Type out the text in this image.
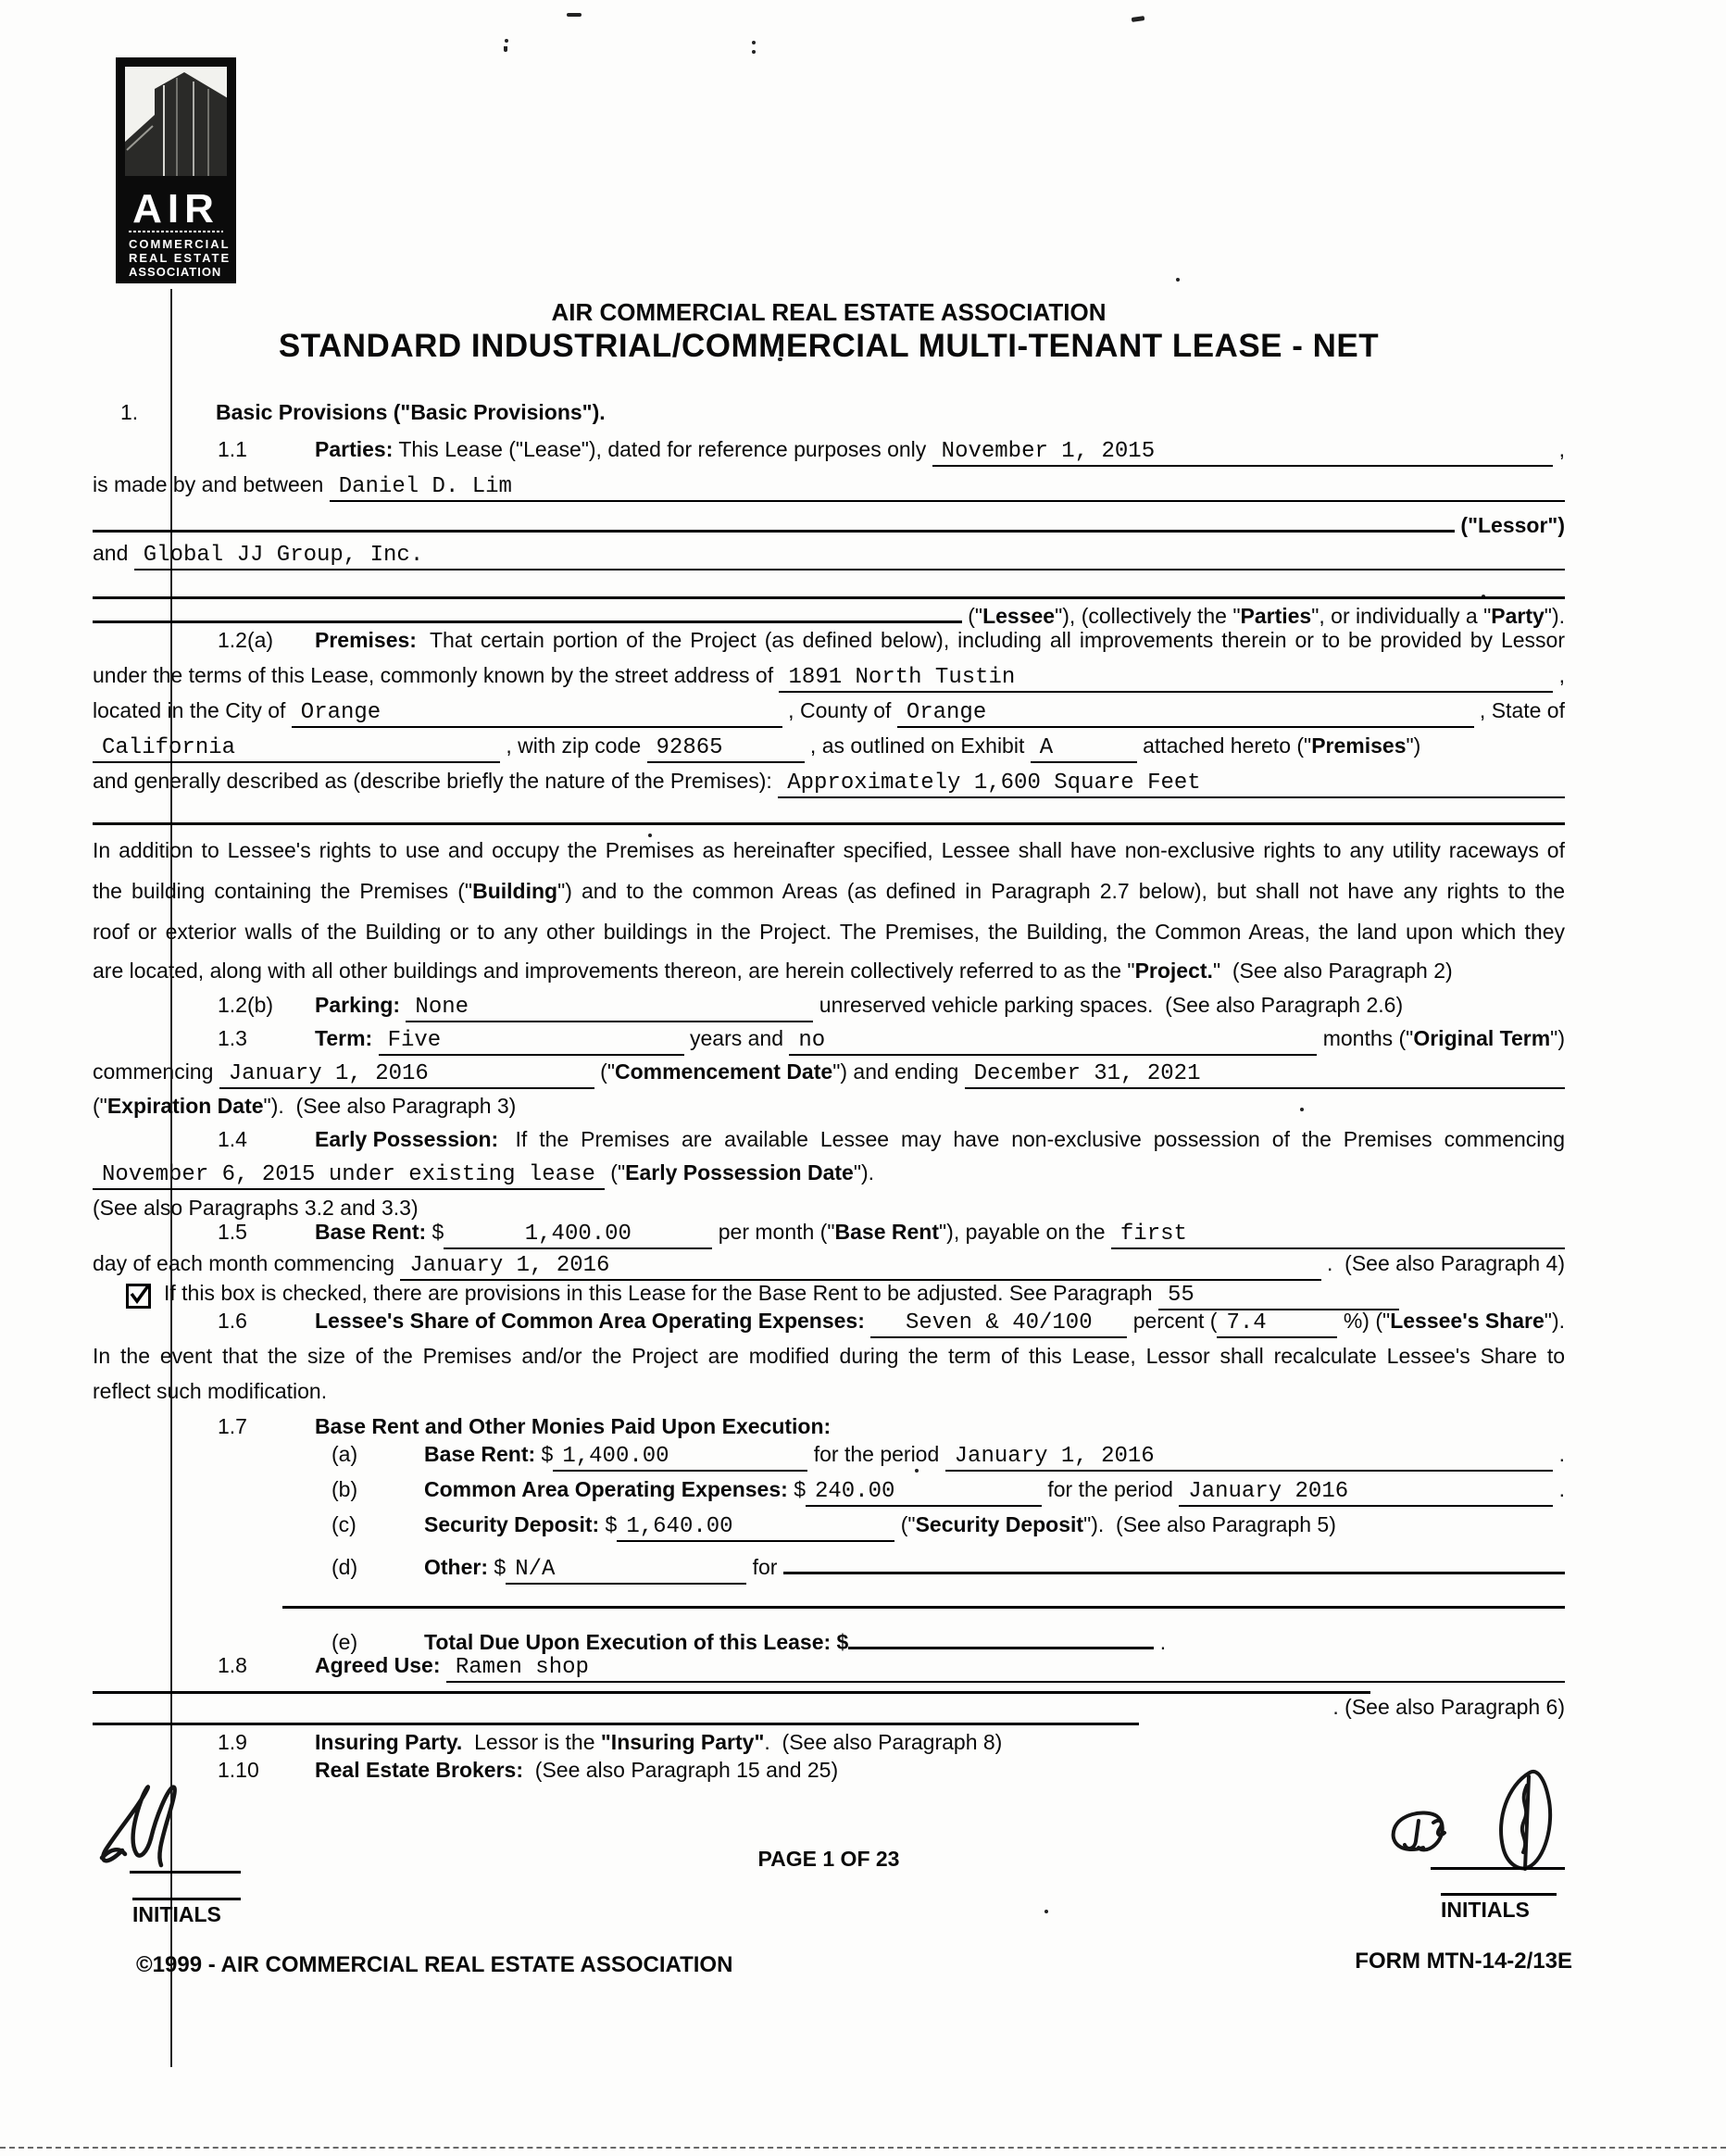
AIR
COMMERCIAL
REAL ESTATE
ASSOCIATION
AIR COMMERCIAL REAL ESTATE ASSOCIATION
STANDARD INDUSTRIAL/COMMERCIAL MULTI-TENANT LEASE - NET
1.	Basic Provisions ("Basic Provisions").
1.1	Parties: This Lease ("Lease"), dated for reference purposes only November 1, 2015	,
is made by and between Daniel D. Lim
("Lessor")
and Global JJ Group, Inc.
(" Lessee "), (collectively the " Parties ", or individually a " Party ").
1.2(a)	Premises: That certain portion of the Project (as defined below), including all improvements therein or to be provided by Lessor
under the terms of this Lease, commonly known by the street address of 1891 North Tustin	,
located in the City of Orange	, County of Orange	, State of
California	, with zip code 92865	, as outlined on Exhibit A	attached hereto (" Premises ")
and generally described as (describe briefly the nature of the Premises): Approximately 1,600 Square Feet
In addition to Lessee's rights to use and occupy the Premises as hereinafter specified, Lessee shall have non-exclusive rights to any utility raceways of
the building containing the Premises ("Building") and to the common Areas (as defined in Paragraph 2.7 below), but shall not have any rights to the
roof or exterior walls of the Building or to any other buildings in the Project. The Premises, the Building, the Common Areas, the land upon which they
are located, along with all other buildings and improvements thereon, are herein collectively referred to as the " Project. "  (See also Paragraph 2)
1.2(b)	Parking: None	unreserved vehicle parking spaces.  (See also Paragraph 2.6)
1.3	Term: Five	years and no	months (" Original Term ")
commencing January 1, 2016	(" Commencement Date ") and ending December 31, 2021
(" Expiration Date ").  (See also Paragraph 3)
1.4	Early Possession: If the Premises are available Lessee may have non-exclusive possession of the Premises commencing
November 6, 2015 under existing lease (" Early Possession Date ").
(See also Paragraphs 3.2 and 3.3)
1.5	Base Rent: $	1,400.00	per month (" Base Rent "), payable on the first
day of each month commencing January 1, 2016	.  (See also Paragraph 4)

If this box is checked, there are provisions in this Lease for the Base Rent to be adjusted. See Paragraph 55
1.6	Lessee's Share of Common Area Operating Expenses:	Seven & 40/100	percent ( 7.4	%) (" Lessee's Share ").
In the event that the size of the Premises and/or the Project are modified during the term of this Lease, Lessor shall recalculate Lessee's Share to
reflect such modification.
1.7	Base Rent and Other Monies Paid Upon Execution:
(a)	Base Rent: $ 1,400.00	for the period January 1, 2016	.
(b)	Common Area Operating Expenses: $ 240.00	for the period January 2016	.
(c)	Security Deposit: $ 1,640.00	(" Security Deposit ").  (See also Paragraph 5)
(d)	Other: $ N/A	for
(e)	Total Due Upon Execution of this Lease: $	.
1.8	Agreed Use: Ramen shop
. (See also Paragraph 6)
1.9	Insuring Party. Lessor is the "Insuring Party" .  (See also Paragraph 8)
1.10	Real Estate Brokers: (See also Paragraph 15 and 25)
INITIALS
PAGE 1 OF 23
INITIALS
©1999 - AIR COMMERCIAL REAL ESTATE ASSOCIATION	FORM MTN-14-2/13E
